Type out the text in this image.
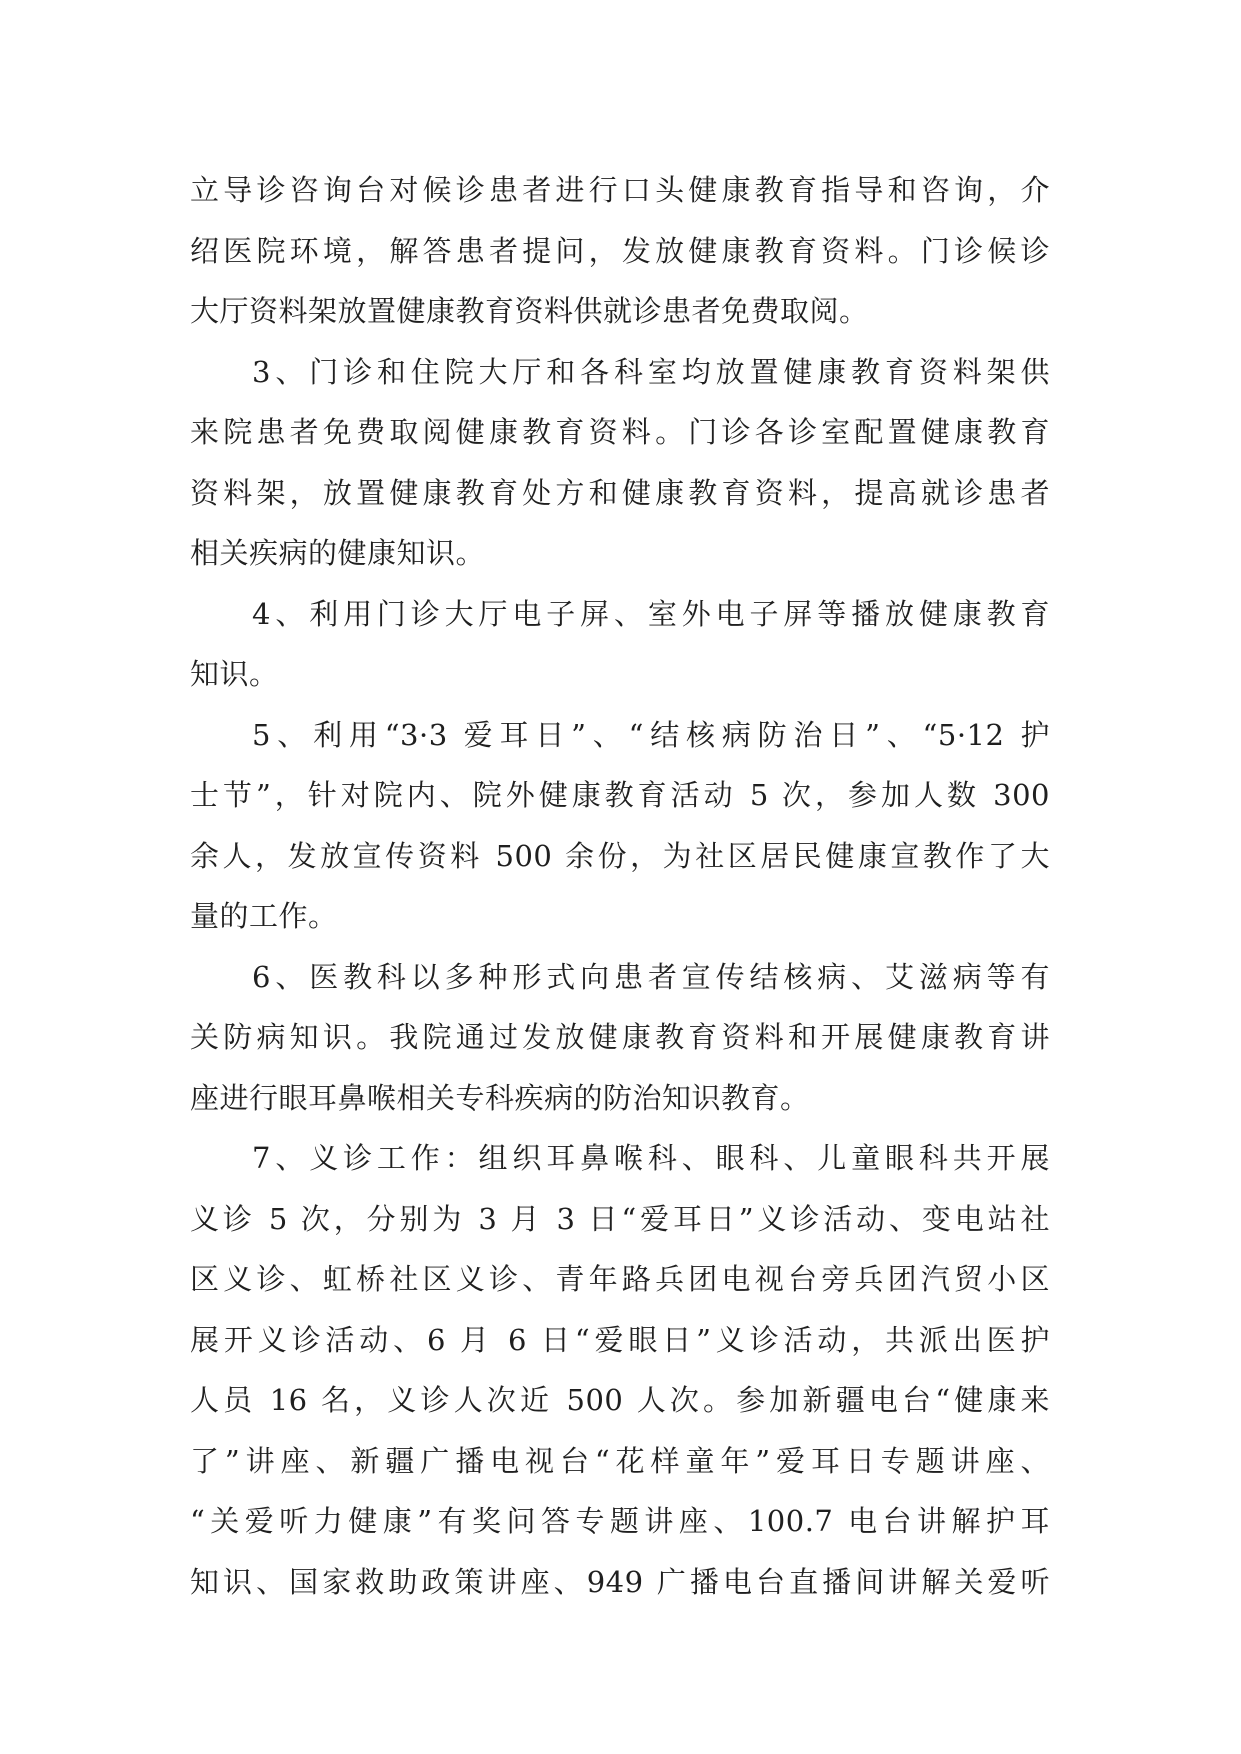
立导诊咨询台对候诊患者进行口头健康教育指导和咨询，介
绍医院环境，解答患者提问，发放健康教育资料。门诊候诊
大厅资料架放置健康教育资料供就诊患者免费取阅。
3、门诊和住院大厅和各科室均放置健康教育资料架供
来院患者免费取阅健康教育资料。门诊各诊室配置健康教育
资料架，放置健康教育处方和健康教育资料，提高就诊患者
相关疾病的健康知识。
4、利用门诊大厅电子屏、室外电子屏等播放健康教育
知识。
5、利用“3·3 爱耳日”、“结核病防治日”、“5·12 护
士节”，针对院内、院外健康教育活动 5 次，参加人数 300
余人，发放宣传资料 500 余份，为社区居民健康宣教作了大
量的工作。
6、医教科以多种形式向患者宣传结核病、艾滋病等有
关防病知识。我院通过发放健康教育资料和开展健康教育讲
座进行眼耳鼻喉相关专科疾病的防治知识教育。
7、义诊工作：组织耳鼻喉科、眼科、儿童眼科共开展
义诊 5 次，分别为 3 月 3 日“爱耳日”义诊活动、变电站社
区义诊、虹桥社区义诊、青年路兵团电视台旁兵团汽贸小区
展开义诊活动、6 月 6 日“爱眼日”义诊活动，共派出医护
人员 16 名，义诊人次近 500 人次。参加新疆电台“健康来
了”讲座、新疆广播电视台“花样童年”爱耳日专题讲座、
“关爱听力健康”有奖问答专题讲座、100.7 电台讲解护耳
知识、国家救助政策讲座、949 广播电台直播间讲解关爱听
